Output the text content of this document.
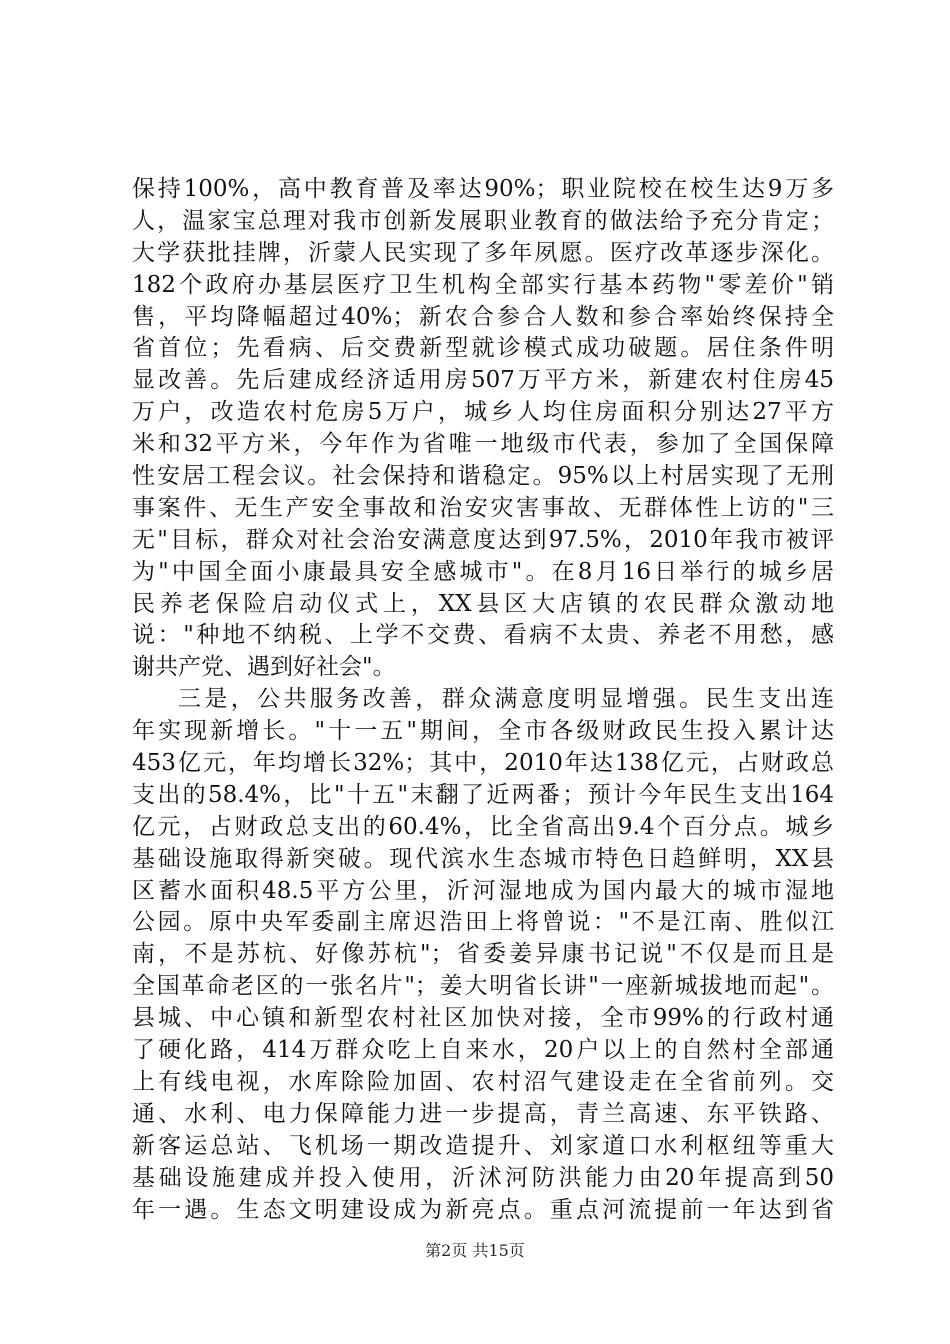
保持100%，高中教育普及率达90%；职业院校在校生达9万多
人，温家宝总理对我市创新发展职业教育的做法给予充分肯定；
大学获批挂牌，沂蒙人民实现了多年夙愿。医疗改革逐步深化。
182个政府办基层医疗卫生机构全部实行基本药物"零差价"销
售，平均降幅超过40%；新农合参合人数和参合率始终保持全
省首位；先看病、后交费新型就诊模式成功破题。居住条件明
显改善。先后建成经济适用房507万平方米，新建农村住房45
万户，改造农村危房5万户，城乡人均住房面积分别达27平方
米和32平方米，今年作为省唯一地级市代表，参加了全国保障
性安居工程会议。社会保持和谐稳定。95%以上村居实现了无刑
事案件、无生产安全事故和治安灾害事故、无群体性上访的"三
无"目标，群众对社会治安满意度达到97.5%，2010年我市被评
为"中国全面小康最具安全感城市"。在8月16日举行的城乡居
民养老保险启动仪式上，XX县区大店镇的农民群众激动地
说："种地不纳税、上学不交费、看病不太贵、养老不用愁，感
谢共产党、遇到好社会"。
三是，公共服务改善，群众满意度明显增强。民生支出连
年实现新增长。"十一五"期间，全市各级财政民生投入累计达
453亿元，年均增长32%；其中，2010年达138亿元，占财政总
支出的58.4%，比"十五"末翻了近两番；预计今年民生支出164
亿元，占财政总支出的60.4%，比全省高出9.4个百分点。城乡
基础设施取得新突破。现代滨水生态城市特色日趋鲜明，XX县
区蓄水面积48.5平方公里，沂河湿地成为国内最大的城市湿地
公园。原中央军委副主席迟浩田上将曾说："不是江南、胜似江
南，不是苏杭、好像苏杭"；省委姜异康书记说"不仅是而且是
全国革命老区的一张名片"；姜大明省长讲"一座新城拔地而起"。
县城、中心镇和新型农村社区加快对接，全市99%的行政村通
了硬化路，414万群众吃上自来水，20户以上的自然村全部通
上有线电视，水库除险加固、农村沼气建设走在全省前列。交
通、水利、电力保障能力进一步提高，青兰高速、东平铁路、
新客运总站、飞机场一期改造提升、刘家道口水利枢纽等重大
基础设施建成并投入使用，沂沭河防洪能力由20年提高到50
年一遇。生态文明建设成为新亮点。重点河流提前一年达到省
第2页 共15页
